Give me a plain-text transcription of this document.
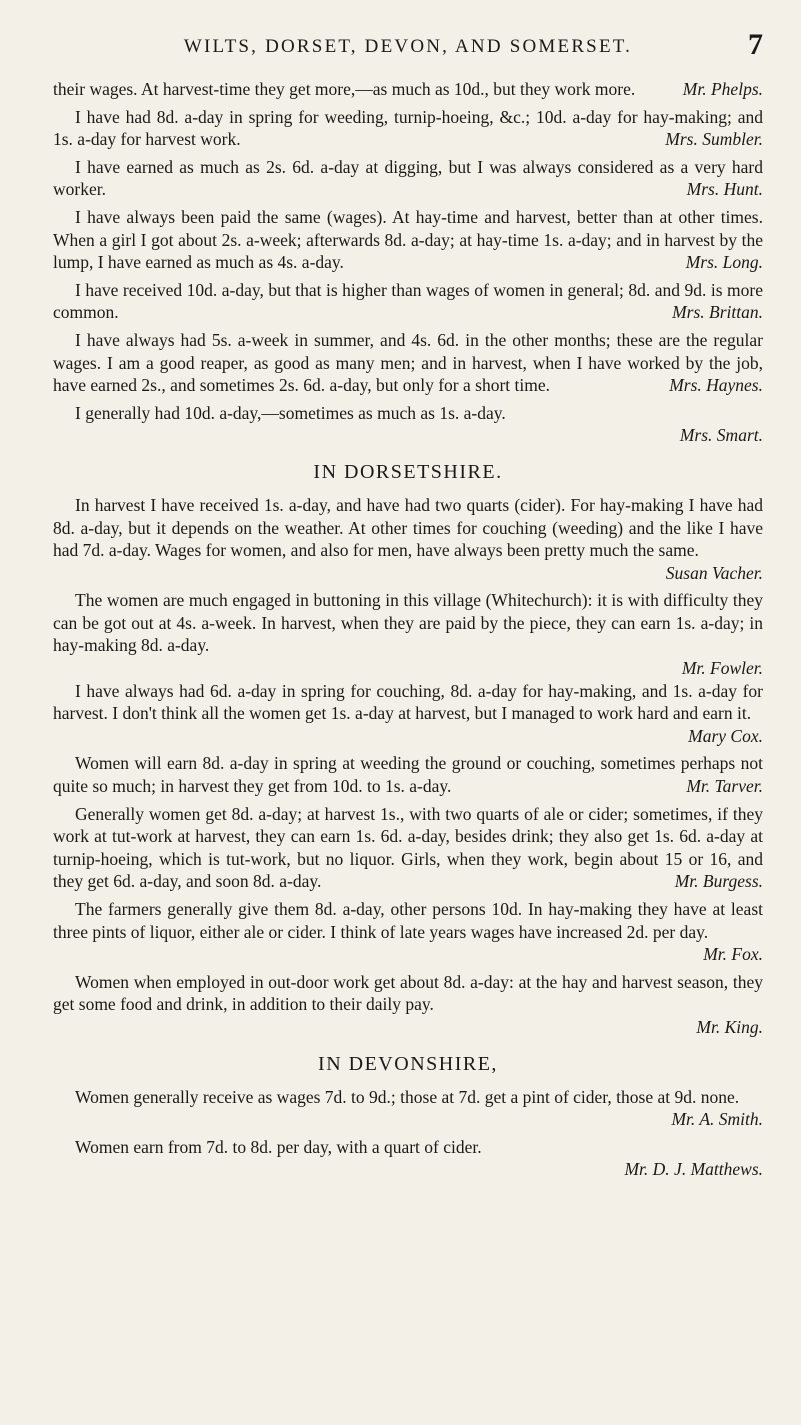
WILTS, DORSET, DEVON, AND SOMERSET.	7

their wages. At harvest-time they get more,—as much as 10d., but they work more.	Mr. Phelps.

I have had 8d. a-day in spring for weeding, turnip-hoeing, &c.; 10d. a-day for hay-making; and 1s. a-day for harvest work.	Mrs. Sumbler.

I have earned as much as 2s. 6d. a-day at digging, but I was always considered as a very hard worker.	Mrs. Hunt.

I have always been paid the same (wages). At hay-time and harvest, better than at other times. When a girl I got about 2s. a-week; afterwards 8d. a-day; at hay-time 1s. a-day; and in harvest by the lump, I have earned as much as 4s. a-day.	Mrs. Long.

I have received 10d. a-day, but that is higher than wages of women in general; 8d. and 9d. is more common.	Mrs. Brittan.

I have always had 5s. a-week in summer, and 4s. 6d. in the other months; these are the regular wages. I am a good reaper, as good as many men; and in harvest, when I have worked by the job, have earned 2s., and sometimes 2s. 6d. a-day, but only for a short time.	Mrs. Haynes.

I generally had 10d. a-day,—sometimes as much as 1s. a-day.

Mrs. Smart.

IN DORSETSHIRE.

In harvest I have received 1s. a-day, and have had two quarts (cider). For hay-making I have had 8d. a-day, but it depends on the weather. At other times for couching (weeding) and the like I have had 7d. a-day. Wages for women, and also for men, have always been pretty much the same.
Susan Vacher.

The women are much engaged in buttoning in this village (Whitechurch): it is with difficulty they can be got out at 4s. a-week. In harvest, when they are paid by the piece, they can earn 1s. a-day; in hay-making 8d. a-day.

Mr. Fowler.

I have always had 6d. a-day in spring for couching, 8d. a-day for hay-making, and 1s. a-day for harvest. I don't think all the women get 1s. a-day at harvest, but I managed to work hard and earn it.
Mary Cox.

Women will earn 8d. a-day in spring at weeding the ground or couching, sometimes perhaps not quite so much; in harvest they get from 10d. to 1s. a-day.	Mr. Tarver.

Generally women get 8d. a-day; at harvest 1s., with two quarts of ale or cider; sometimes, if they work at tut-work at harvest, they can earn 1s. 6d. a-day, besides drink; they also get 1s. 6d. a-day at turnip-hoeing, which is tut-work, but no liquor. Girls, when they work, begin about 15 or 16, and they get 6d. a-day, and soon 8d. a-day.	Mr. Burgess.

The farmers generally give them 8d. a-day, other persons 10d. In hay-making they have at least three pints of liquor, either ale or cider. I think of late years wages have increased 2d. per day.
Mr. Fox.

Women when employed in out-door work get about 8d. a-day: at the hay and harvest season, they get some food and drink, in addition to their daily pay.

Mr. King.

IN DEVONSHIRE,

Women generally receive as wages 7d. to 9d.; those at 7d. get a pint of cider, those at 9d. none.
Mr. A. Smith.

Women earn from 7d. to 8d. per day, with a quart of cider.

Mr. D. J. Matthews.
